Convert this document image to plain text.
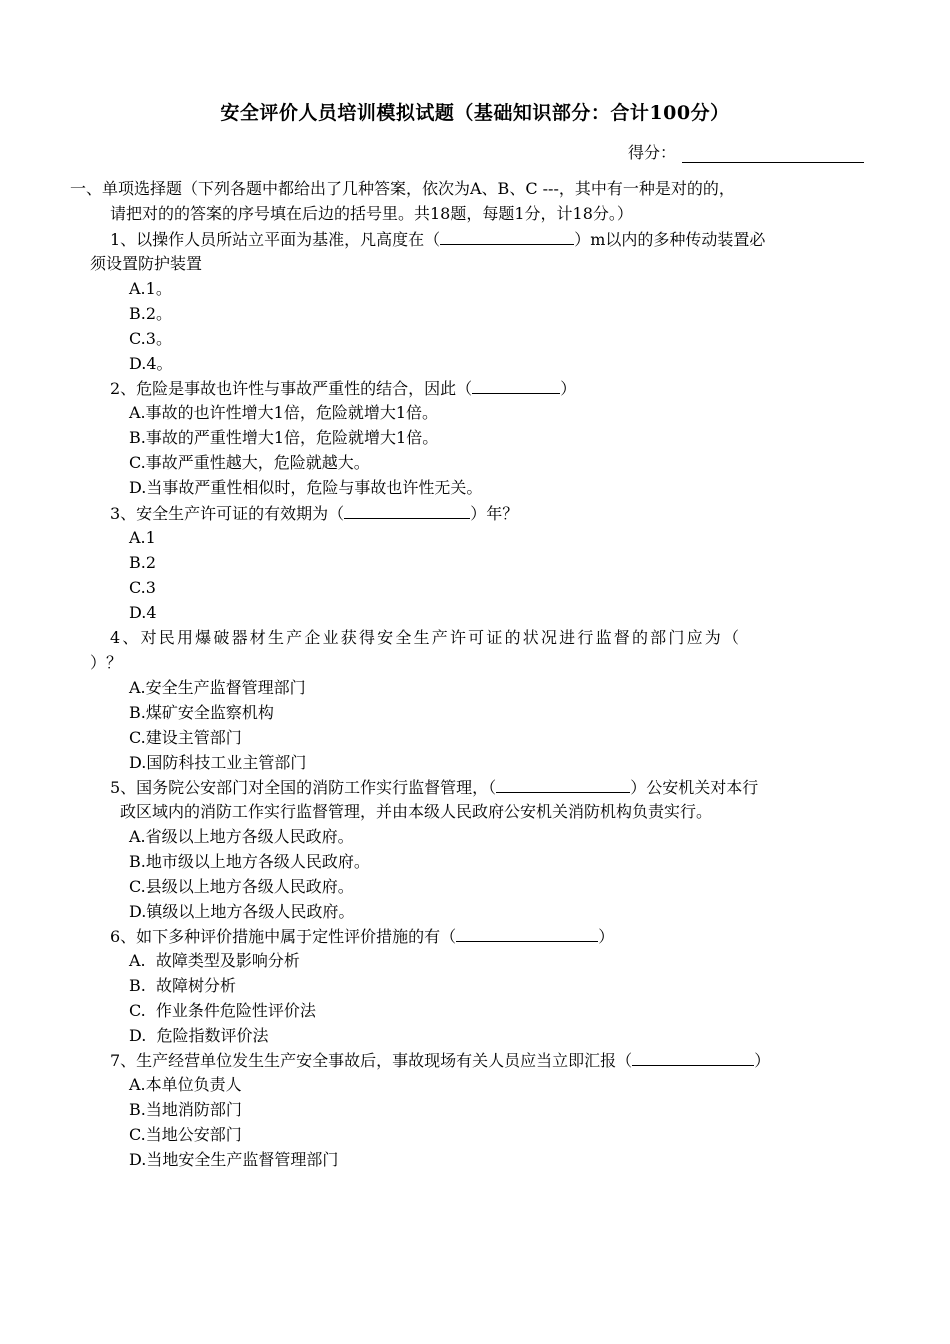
安全评价人员培训模拟试题（基础知识部分：合计100分）
得分：
一、单项选择题（下列各题中都给出了几种答案，依次为A、B、C ---，其中有一种是对的的，
请把对的的答案的序号填在后边的括号里。共18题，每题1分，计18分。）
1、以操作人员所站立平面为基准，凡高度在（	）m以内的多种传动装置必
须设置防护装置
A.1。
B.2。
C.3。
D.4。
2、危险是事故也许性与事故严重性的结合，因此（	）
A.事故的也许性增大1倍，危险就增大1倍。
B.事故的严重性增大1倍，危险就增大1倍。
C.事故严重性越大，危险就越大。
D.当事故严重性相似时，危险与事故也许性无关。
3、安全生产许可证的有效期为（	）年？
A.1
B.2
C.3
D.4
4、对民用爆破器材生产企业获得安全生产许可证的状况进行监督的部门应为（
）？
A.安全生产监督管理部门
B.煤矿安全监察机构
C.建设主管部门
D.国防科技工业主管部门
5、国务院公安部门对全国的消防工作实行监督管理，（	）公安机关对本行
政区域内的消防工作实行监督管理，并由本级人民政府公安机关消防机构负责实行。
A.省级以上地方各级人民政府。
B.地市级以上地方各级人民政府。
C.县级以上地方各级人民政府。
D.镇级以上地方各级人民政府。
6、如下多种评价措施中属于定性评价措施的有（	）
A.  故障类型及影响分析
B.  故障树分析
C.  作业条件危险性评价法
D.  危险指数评价法
7、生产经营单位发生生产安全事故后，事故现场有关人员应当立即汇报（	）
A.本单位负责人
B.当地消防部门
C.当地公安部门
D.当地安全生产监督管理部门
